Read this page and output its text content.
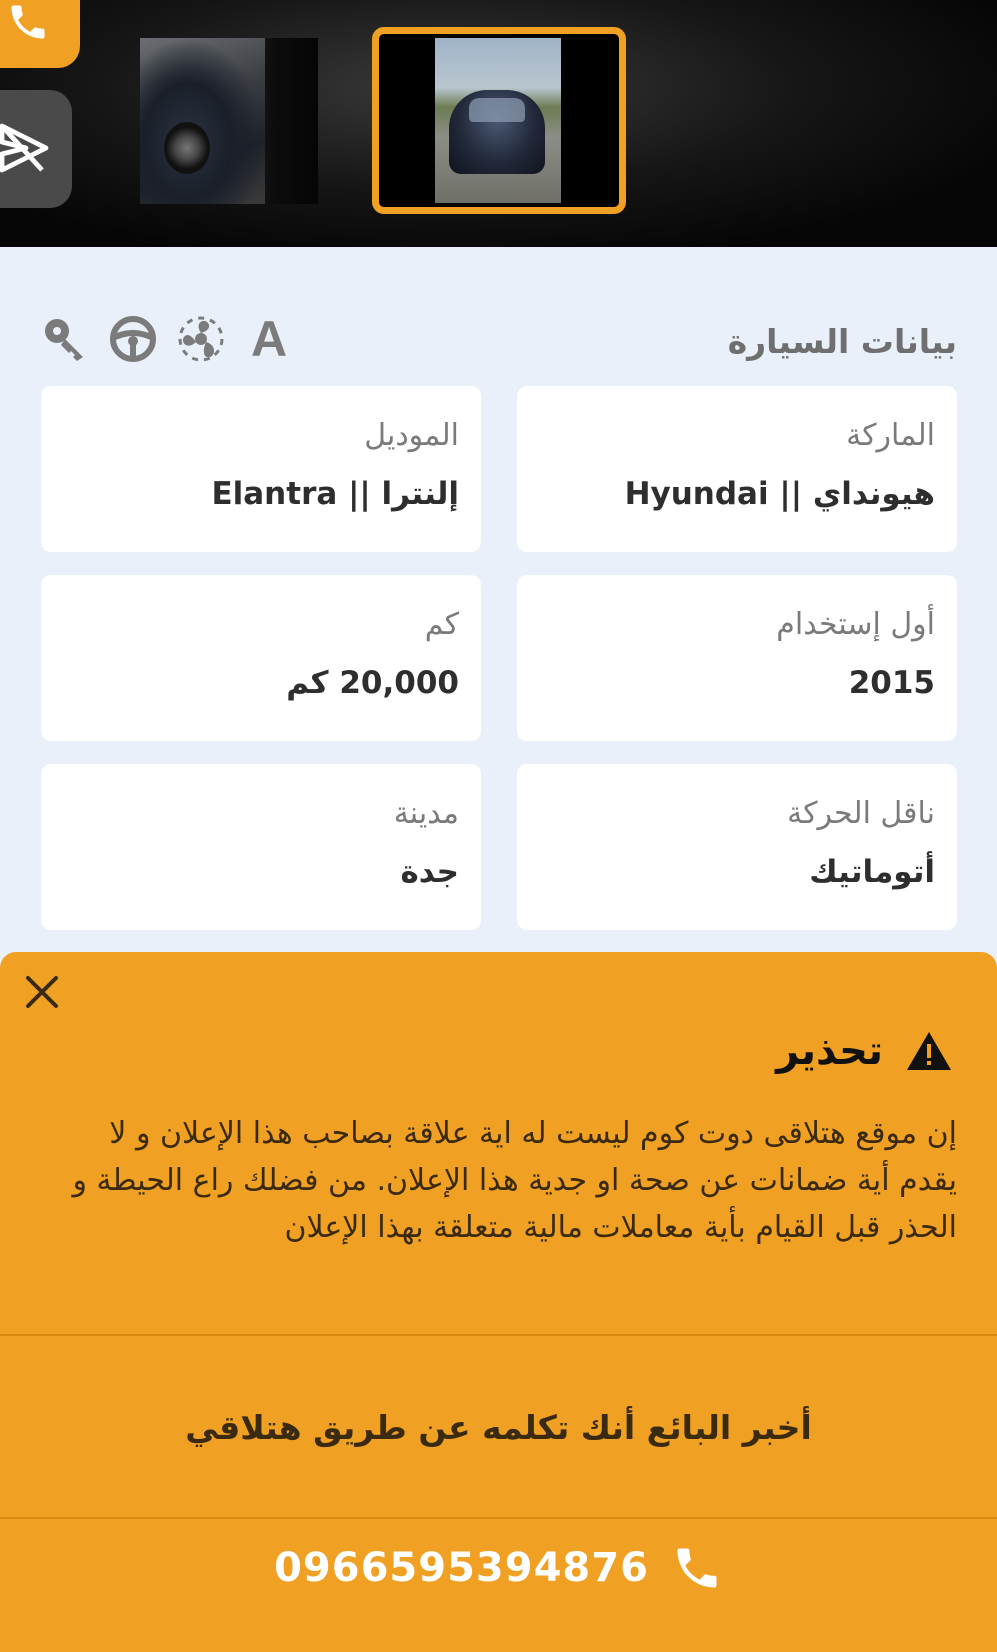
بيانات السيارة
A
الماركة
هيونداي || Hyundai
الموديل
إلنترا || Elantra
أول إستخدام
2015
كم
20,000 كم
ناقل الحركة
أتوماتيك
مدينة
جدة
تحذير
إن موقع هتلاقى دوت كوم ليست له اية علاقة بصاحب هذا الإعلان و لا يقدم أية ضمانات عن صحة او جدية هذا الإعلان. من فضلك راع الحيطة و الحذر قبل القيام بأية معاملات مالية متعلقة بهذا الإعلان
أخبر البائع أنك تكلمه عن طريق هتلاقي
0966595394876
